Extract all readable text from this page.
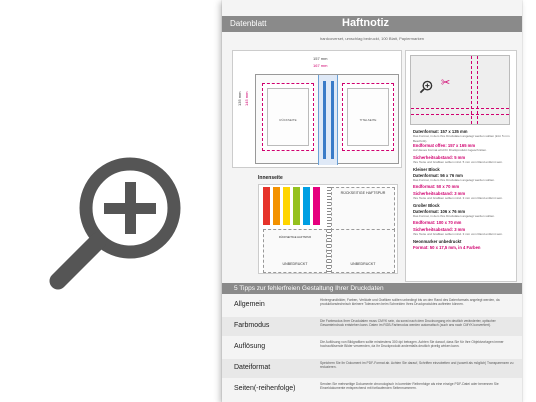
Datenblatt	Haftnotiz
hardcoverset, umschlag bedruckt, 100 Blatt, Papiermarken
157 mm
167 mm
135 mm 145 mm
RÜCKSEITE	TITELSEITE
✂
Datenformat: 157 x 135 mm
Das Format, in dem Ihre Druckdaten angelegt werden sollten (inkl. 5 mm Beschnitt).
Endformat offen: 157 x 165 mm
Auf dieses Format wird Ihr Druckprodukt zugeschnitten.
Sicherheitsabstand: 5 mm
Ihre Texte und Grafiken sollten mind. 5 mm vom Rand entfernt sein.
Kleiner Block
Datenformat: 56 x 76 mm
Das Format, in dem Ihre Druckdaten angelegt werden sollten.
Endformat: 50 x 70 mm
Sicherheitsabstand: 3 mm
Ihre Texte und Grafiken sollten mind. 3 mm vom Rand entfernt sein.
Großer Block
Datenformat: 106 x 76 mm
Das Format, in dem Ihre Druckdaten angelegt werden sollten.
Endformat: 100 x 70 mm
Sicherheitsabstand: 3 mm
Ihre Texte und Grafiken sollten mind. 3 mm vom Rand entfernt sein.
Neonmarker unbedruckt
Format: 50 x 17,5 mm, in 4 Farben
Innenseite
RÜCKSEITIGE HAFTSPUR
RÜCKSEITIGE HAFTSPUR
UNBEDRUCKT	UNBEDRUCKT
5 Tipps zur fehlerfreien Gestaltung Ihrer Druckdaten
Allgemein
Hintergrundbilder, Farben, Verläufe und Grafiken sollten unbedingt bis an den Rand des Datenformats angelegt werden, da produktionstechnisch kleinere Toleranzen beim Schneiden Ihres Druckproduktes auftreten können.
Farbmodus
Die Farbmodus Ihrer Druckdaten muss CMYK sein, da sonst nach dem Druckvorgang ein deutlich veränderter, optischer Gesamteindruck entstehen kann. Daten im RGB-Farbmodus werden automatisch (auch ans nach CMYK konvertiert).
Auflösung
Die Auflösung von Bildgrafiken sollte mindestens 300 dpi betragen. Achten Sie darauf, dass Sie für Ihre Objektvorlagen immer hochauflösende Bilder verwenden, da Ihr Druckprodukt andernfalls deutlich pixelig wirken kann.
Dateiformat
Speichern Sie Ihr Dokument im PDF-Format ab. Achten Sie darauf, Schriften einzubetten und (soweit als möglich) Transparenzen zu reduzieren.
Seiten(-reihenfolge)
Senden Sie mehrseitige Dokumente chronologisch in korrekter Reihenfolge als eine einzige PDF-Datei oder benennen Sie Einzeldokumente entsprechend mit fortlaufenden Seitennummern.
